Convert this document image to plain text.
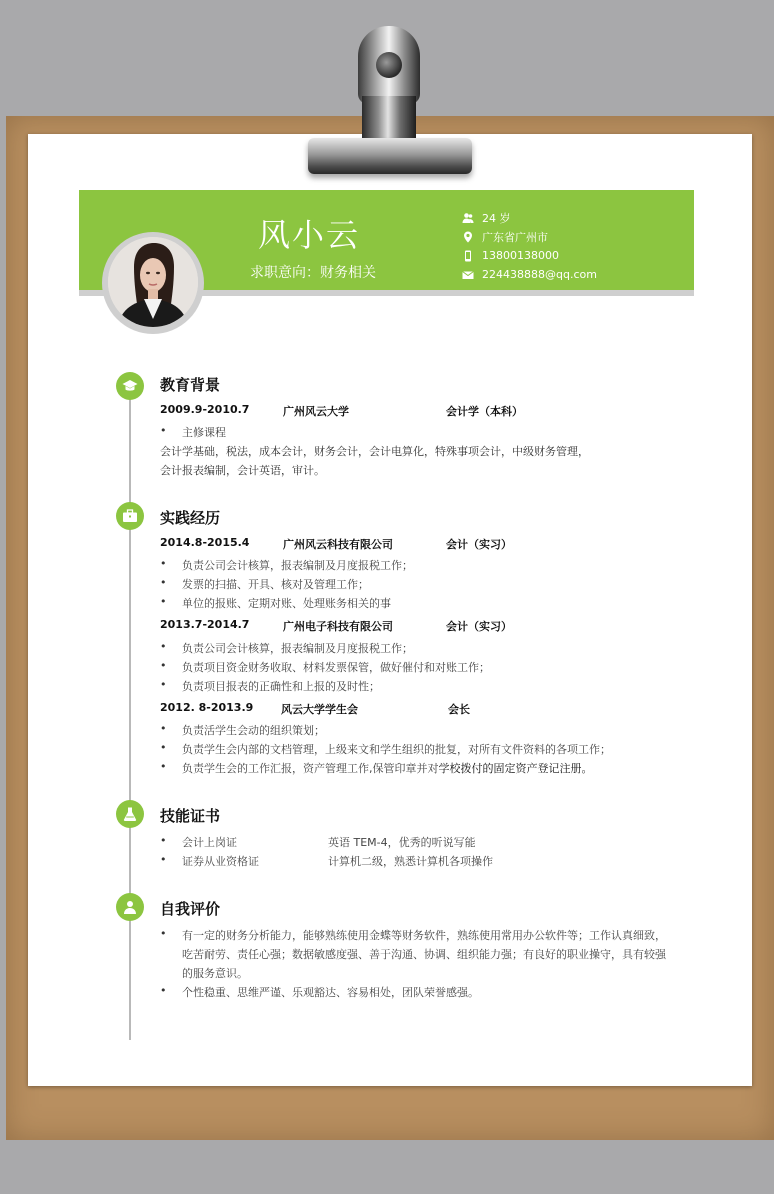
风小云
求职意向：财务相关
24 岁
广东省广州市
13800138000
224438888@qq.com
教育背景
2009.9-2010.7	广州风云大学	会计学（本科）
主修课程
会计学基础，税法，成本会计，财务会计，会计电算化，特殊事项会计，中级财务管理，
会计报表编制，会计英语，审计。
实践经历
2014.8-2015.4	广州风云科技有限公司	会计（实习）
负责公司会计核算，报表编制及月度报税工作；
发票的扫描、开具、核对及管理工作；
单位的报账、定期对账、处理账务相关的事
2013.7-2014.7	广州电子科技有限公司	会计（实习）
负责公司会计核算，报表编制及月度报税工作；
负责项目资金财务收取、材料发票保管，做好催付和对账工作；
负责项目报表的正确性和上报的及时性；
2012. 8-2013.9	风云大学学生会	会长
负责活学生会动的组织策划；
负责学生会内部的文档管理，上级来文和学生组织的批复，对所有文件资料的各项工作；
负责学生会的工作汇报，资产管理工作,保管印章并对学校拨付的固定资产登记注册。
技能证书
会计上岗证	英语 TEM-4，优秀的听说写能
证券从业资格证	计算机二级，熟悉计算机各项操作
自我评价
有一定的财务分析能力，能够熟练使用金蝶等财务软件，熟练使用常用办公软件等；工作认真细致，
吃苦耐劳、责任心强；数据敏感度强、善于沟通、协调、组织能力强；有良好的职业操守，具有较强
的服务意识。
个性稳重、思维严谨、乐观豁达、容易相处，团队荣誉感强。
